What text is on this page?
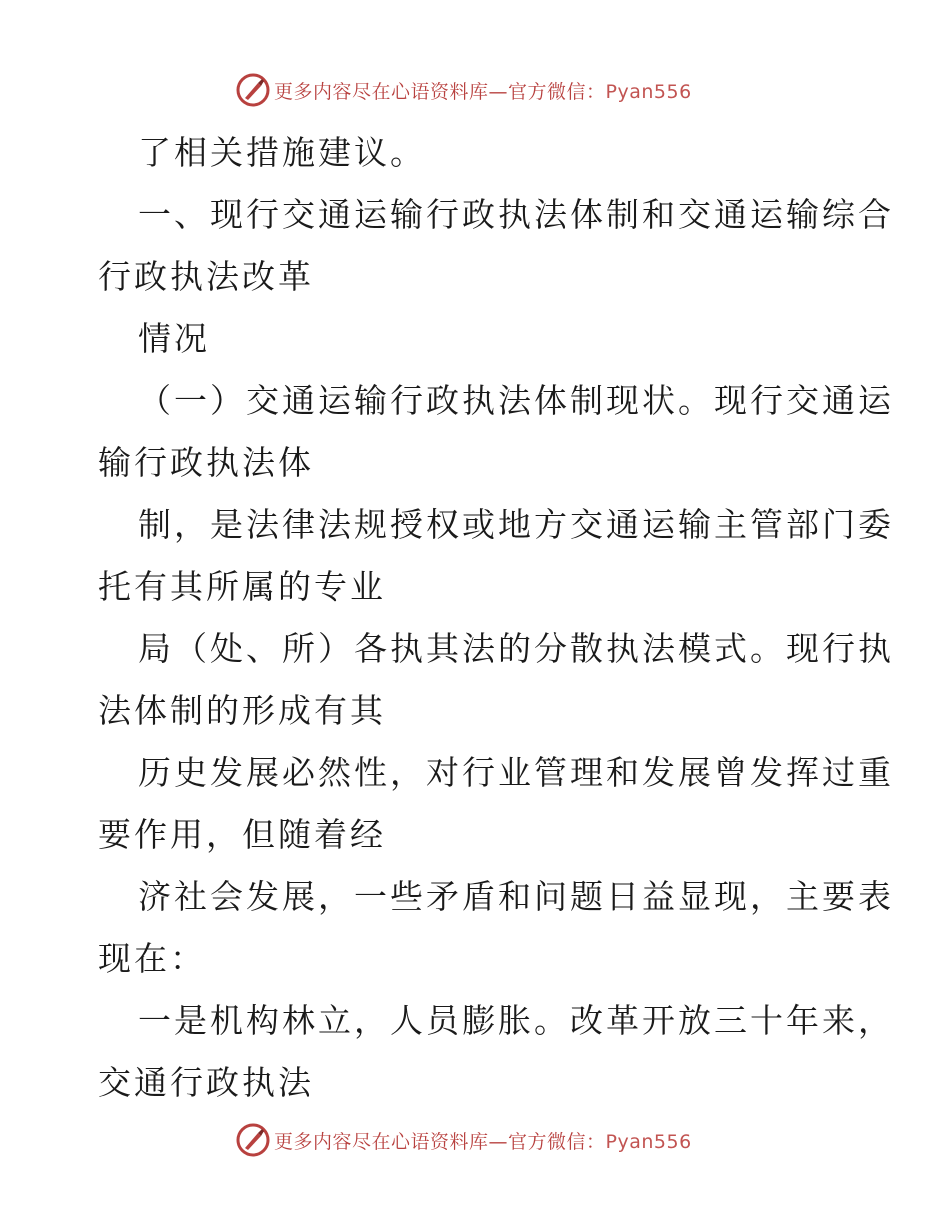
更多内容尽在心语资料库—官方微信：Pyan556
了相关措施建议。
一、现行交通运输行政执法体制和交通运输综合
行政执法改革
情况
（一）交通运输行政执法体制现状。现行交通运
输行政执法体
制，是法律法规授权或地方交通运输主管部门委
托有其所属的专业
局（处、所）各执其法的分散执法模式。现行执
法体制的形成有其
历史发展必然性，对行业管理和发展曾发挥过重
要作用，但随着经
济社会发展，一些矛盾和问题日益显现，主要表
现在：
一是机构林立，人员膨胀。改革开放三十年来，
交通行政执法
更多内容尽在心语资料库—官方微信：Pyan556
